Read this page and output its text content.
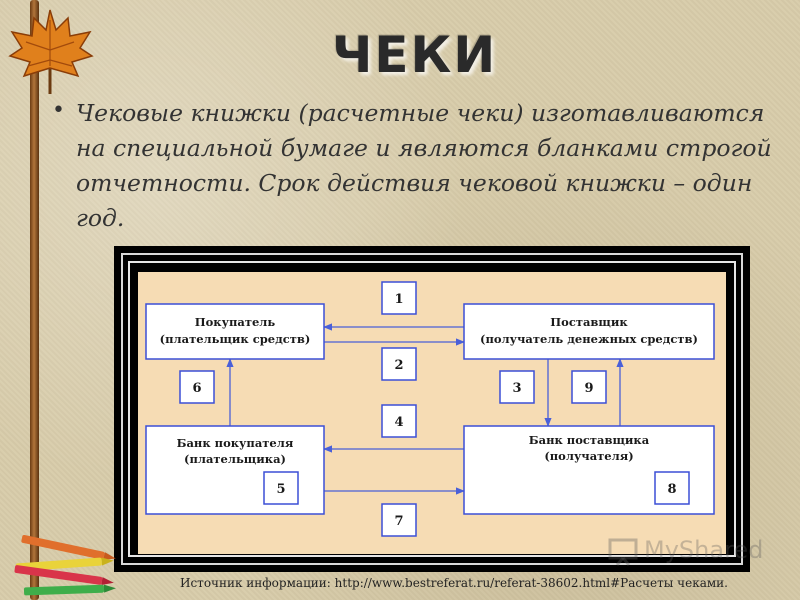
ЧЕКИ
• Чековые книжки (расчетные чеки) изготавливаются на специальной бумаге и являются бланками строгой отчетности. Срок действия чековой книжки – один год.
Покупатель
(плательщик средств)
Поставщик
(получатель денежных средств)
Банк покупателя
(плательщика)
Банк поставщика
(получателя)
1
2
4
7
6	3	9
5	8
MyShared
Источник информации: http://www.bestreferat.ru/referat-38602.html#Расчеты чеками.
